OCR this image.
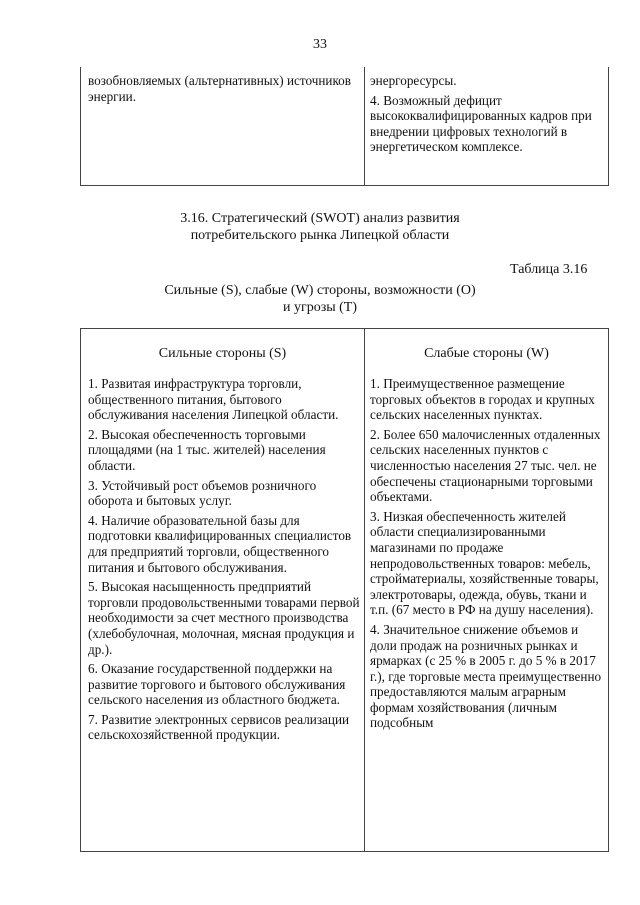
33

возобновляемых (альтернативных) источников энергии.

энергоресурсы.

4. Возможный дефицит высококвалифицированных кадров при внедрении цифровых технологий в энергетическом комплексе.

3.16. Стратегический (SWOT) анализ развития
потребительского рынка Липецкой области
Таблица 3.16
Сильные (S), слабые (W) стороны, возможности (O)
и угрозы (T)
Сильные стороны (S)	Слабые стороны (W)

1. Развитая инфраструктура торговли, общественного питания, бытового обслуживания населения Липецкой области.

2. Высокая обеспеченность торговыми площадями (на 1 тыс. жителей) населения области.

3. Устойчивый рост объемов розничного оборота и бытовых услуг.

4. Наличие образовательной базы для подготовки квалифицированных специалистов для предприятий торговли, общественного питания и бытового обслуживания.

5. Высокая насыщенность предприятий торговли продовольственными товарами первой необходимости за счет местного производства (хлебобулочная, молочная, мясная продукция и др.).

6. Оказание государственной поддержки на развитие торгового и бытового обслуживания сельского населения из областного бюджета.

7. Развитие электронных сервисов реализации сельскохозяйственной продукции.

1. Преимущественное размещение торговых объектов в городах и крупных сельских населенных пунктах.

2. Более 650 малочисленных отдаленных сельских населенных пунктов с численностью населения 27 тыс. чел. не обеспечены стационарными торговыми объектами.

3. Низкая обеспеченность жителей области специализированными магазинами по продаже непродовольственных товаров: мебель, стройматериалы, хозяйственные товары, электротовары, одежда, обувь, ткани и т.п. (67 место в РФ на душу населения).

4. Значительное снижение объемов и доли продаж на розничных рынках и ярмарках (с 25 % в 2005 г. до 5 % в 2017 г.), где торговые места преимущественно предоставляются малым аграрным формам хозяйствования (личным подсобным
